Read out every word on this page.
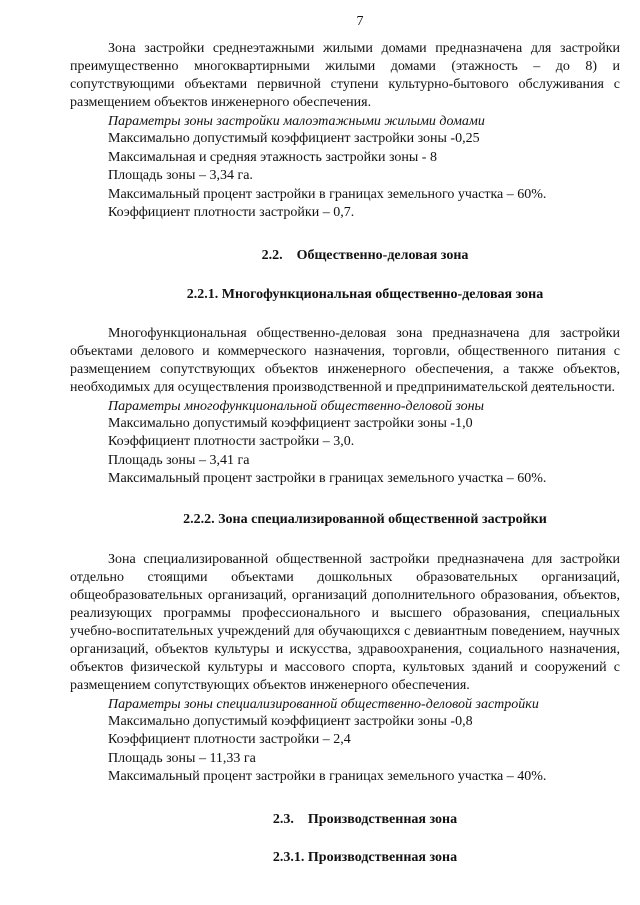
7

Зона застройки среднеэтажными жилыми домами предназначена для застройки преимущественно многоквартирными жилыми домами (этажность – до 8) и сопутствующими объектами первичной ступени культурно-бытового обслуживания с размещением объектов инженерного обеспечения.

Параметры зоны застройки малоэтажными жилыми домами

Максимально допустимый коэффициент застройки зоны -0,25

Максимальная и средняя этажность застройки зоны - 8

Площадь зоны – 3,34 га.

Максимальный процент застройки в границах земельного участка – 60%.

Коэффициент плотности застройки – 0,7.

2.2. Общественно-деловая зона

2.2.1. Многофункциональная общественно-деловая зона

Многофункциональная общественно-деловая зона предназначена для застройки объектами делового и коммерческого назначения, торговли, общественного питания с размещением сопутствующих объектов инженерного обеспечения, а также объектов, необходимых для осуществления производственной и предпринимательской деятельности.

Параметры многофункциональной общественно-деловой зоны

Максимально допустимый коэффициент застройки зоны -1,0

Коэффициент плотности застройки – 3,0.

Площадь зоны – 3,41 га

Максимальный процент застройки в границах земельного участка – 60%.

2.2.2. Зона специализированной общественной застройки

Зона специализированной общественной застройки предназначена для застройки отдельно стоящими объектами дошкольных образовательных организаций, общеобразовательных организаций, организаций дополнительного образования, объектов, реализующих программы профессионального и высшего образования, специальных учебно-воспитательных учреждений для обучающихся с девиантным поведением, научных организаций, объектов культуры и искусства, здравоохранения, социального назначения, объектов физической культуры и массового спорта, культовых зданий и сооружений с размещением сопутствующих объектов инженерного обеспечения.

Параметры зоны специализированной общественно-деловой застройки

Максимально допустимый коэффициент застройки зоны -0,8

Коэффициент плотности застройки – 2,4

Площадь зоны – 11,33 га

Максимальный процент застройки в границах земельного участка – 40%.

2.3. Производственная зона

2.3.1. Производственная зона
